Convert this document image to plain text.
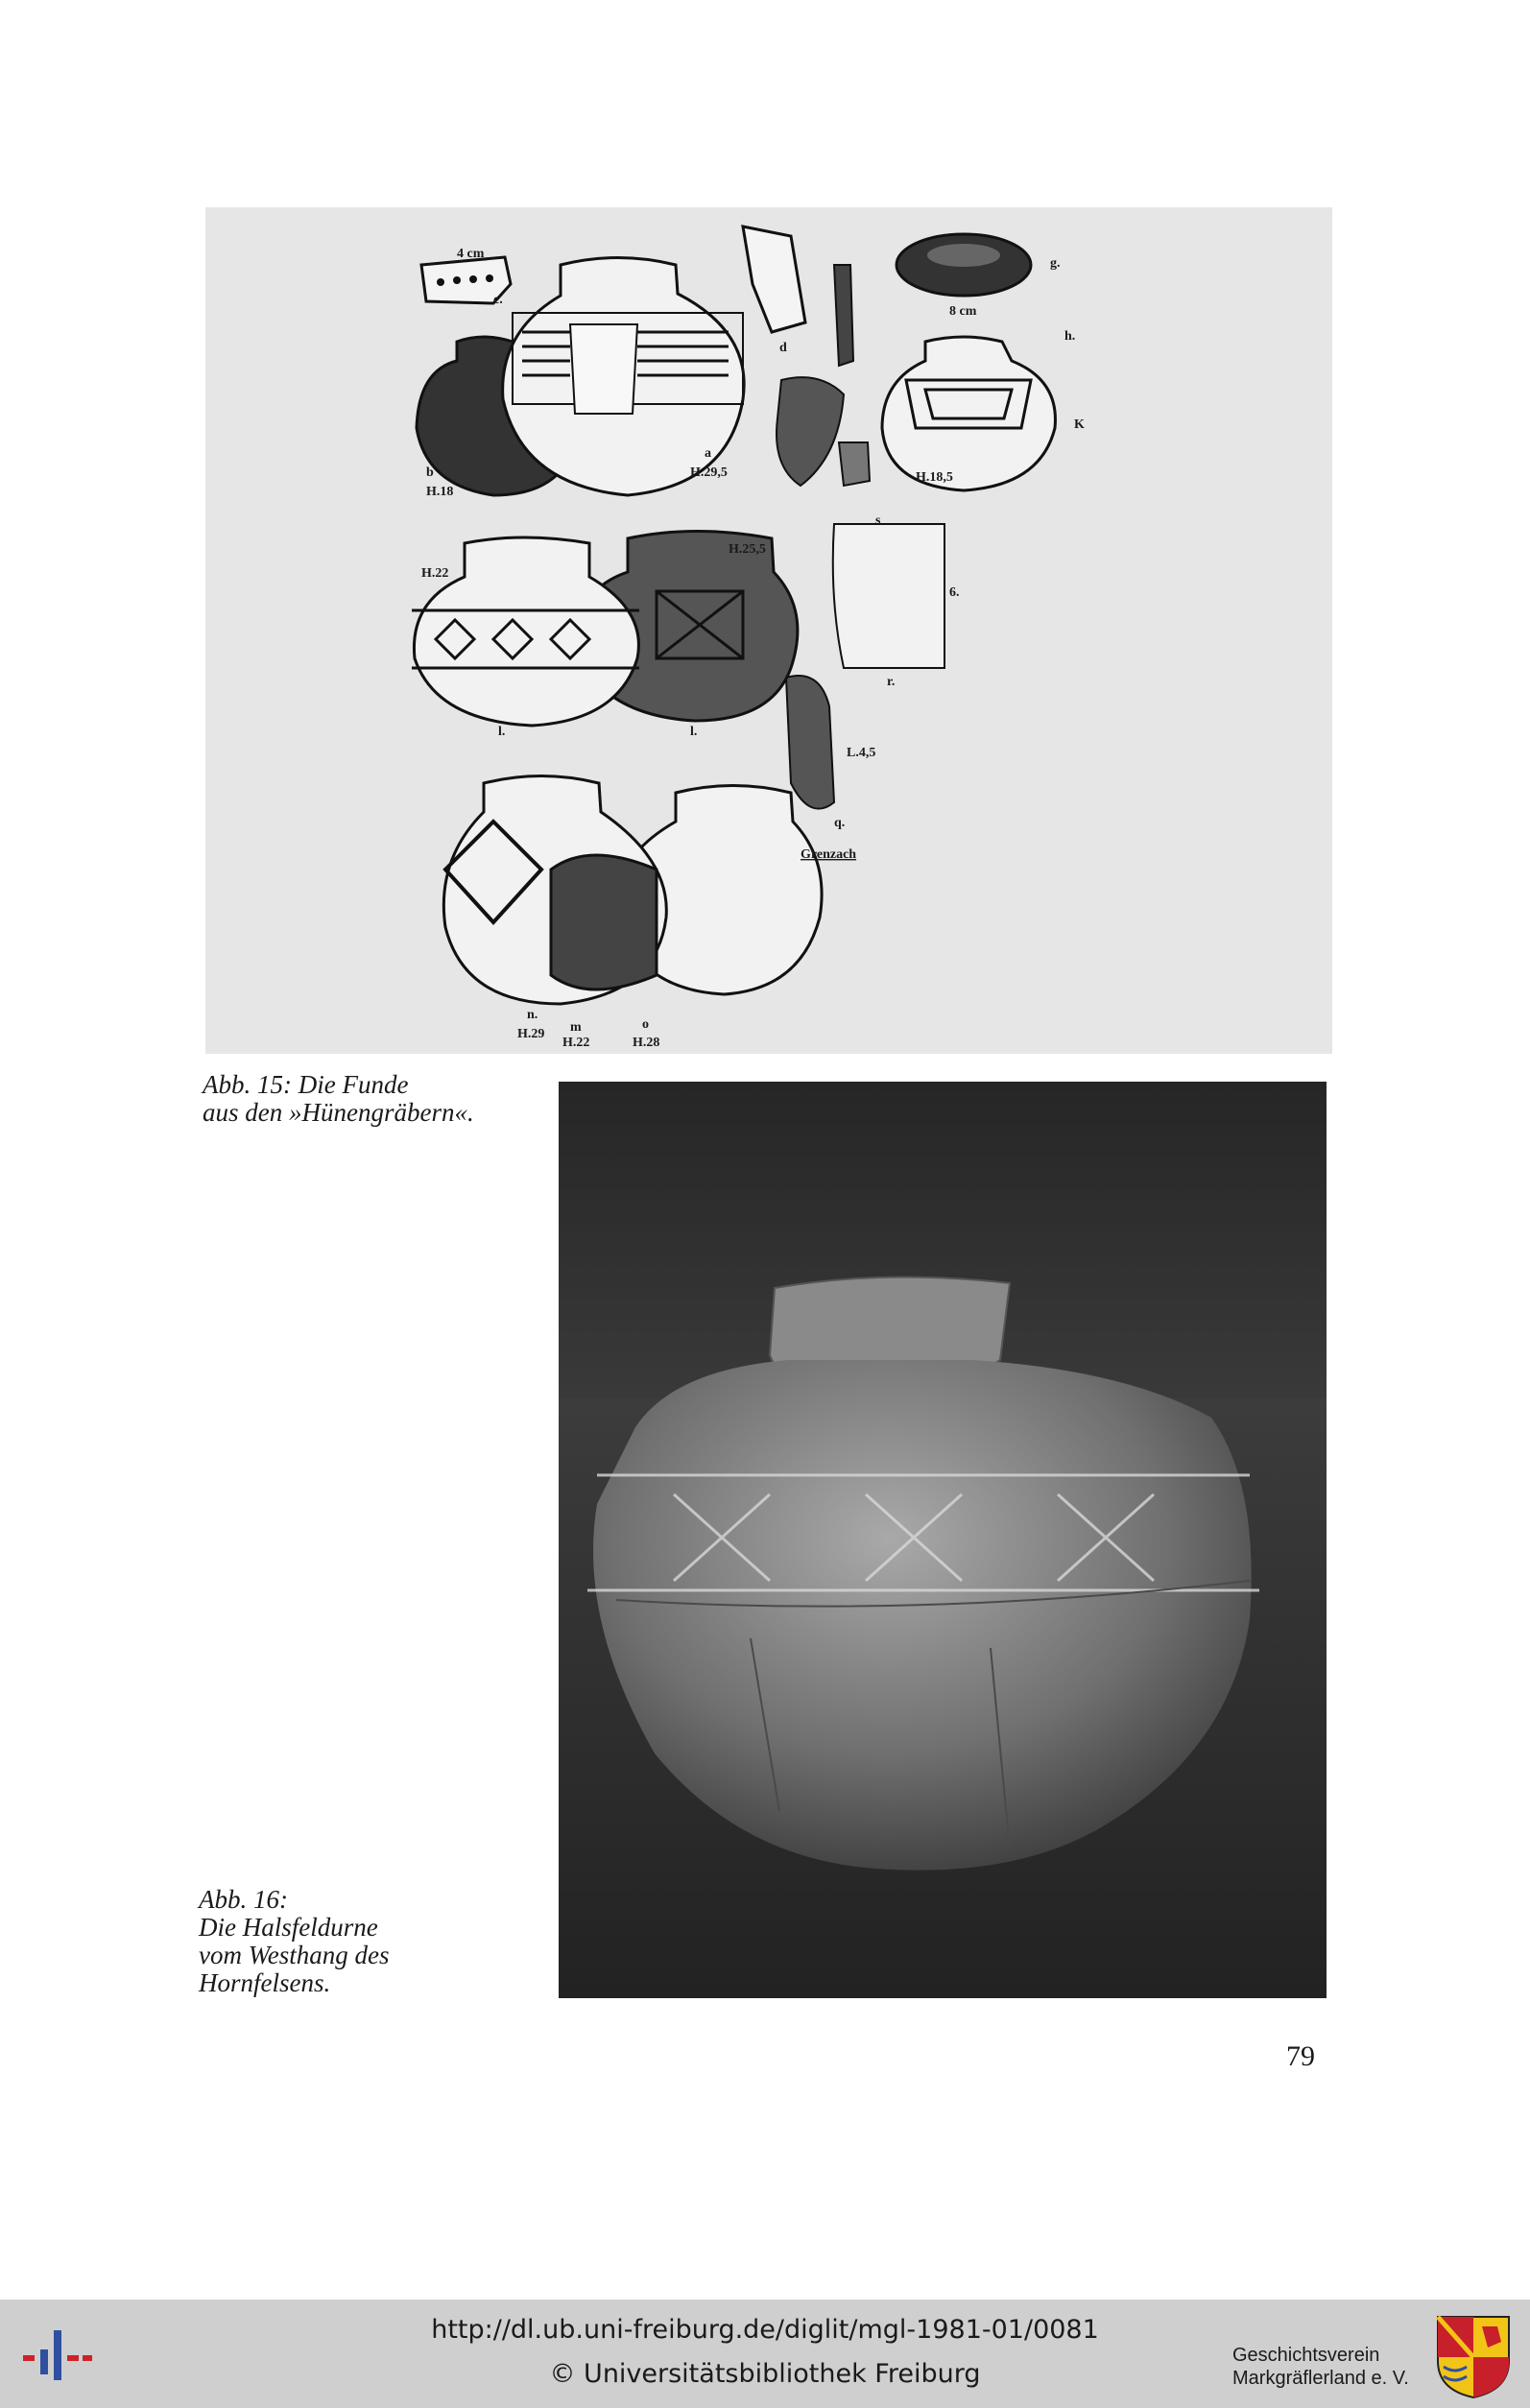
4 cm
c.
b
H.18
a
H.29,5
d
g.
8 cm
h.
K
H.18,5
H.22
H.25,5
l.	l.
s
6.
r.
L.4,5
q.
Grenzach
n.
H.29 m
H.22
o
H.28
Abb. 15: Die Funde
aus den »Hünengräbern«.
Abb. 16:
Die Halsfeldurne
vom Westhang des
Hornfelsens.
79
http://dl.ub.uni-freiburg.de/diglit/mgl-1981-01/0081
© Universitätsbibliothek Freiburg
Geschichtsverein
Markgräflerland e. V.
